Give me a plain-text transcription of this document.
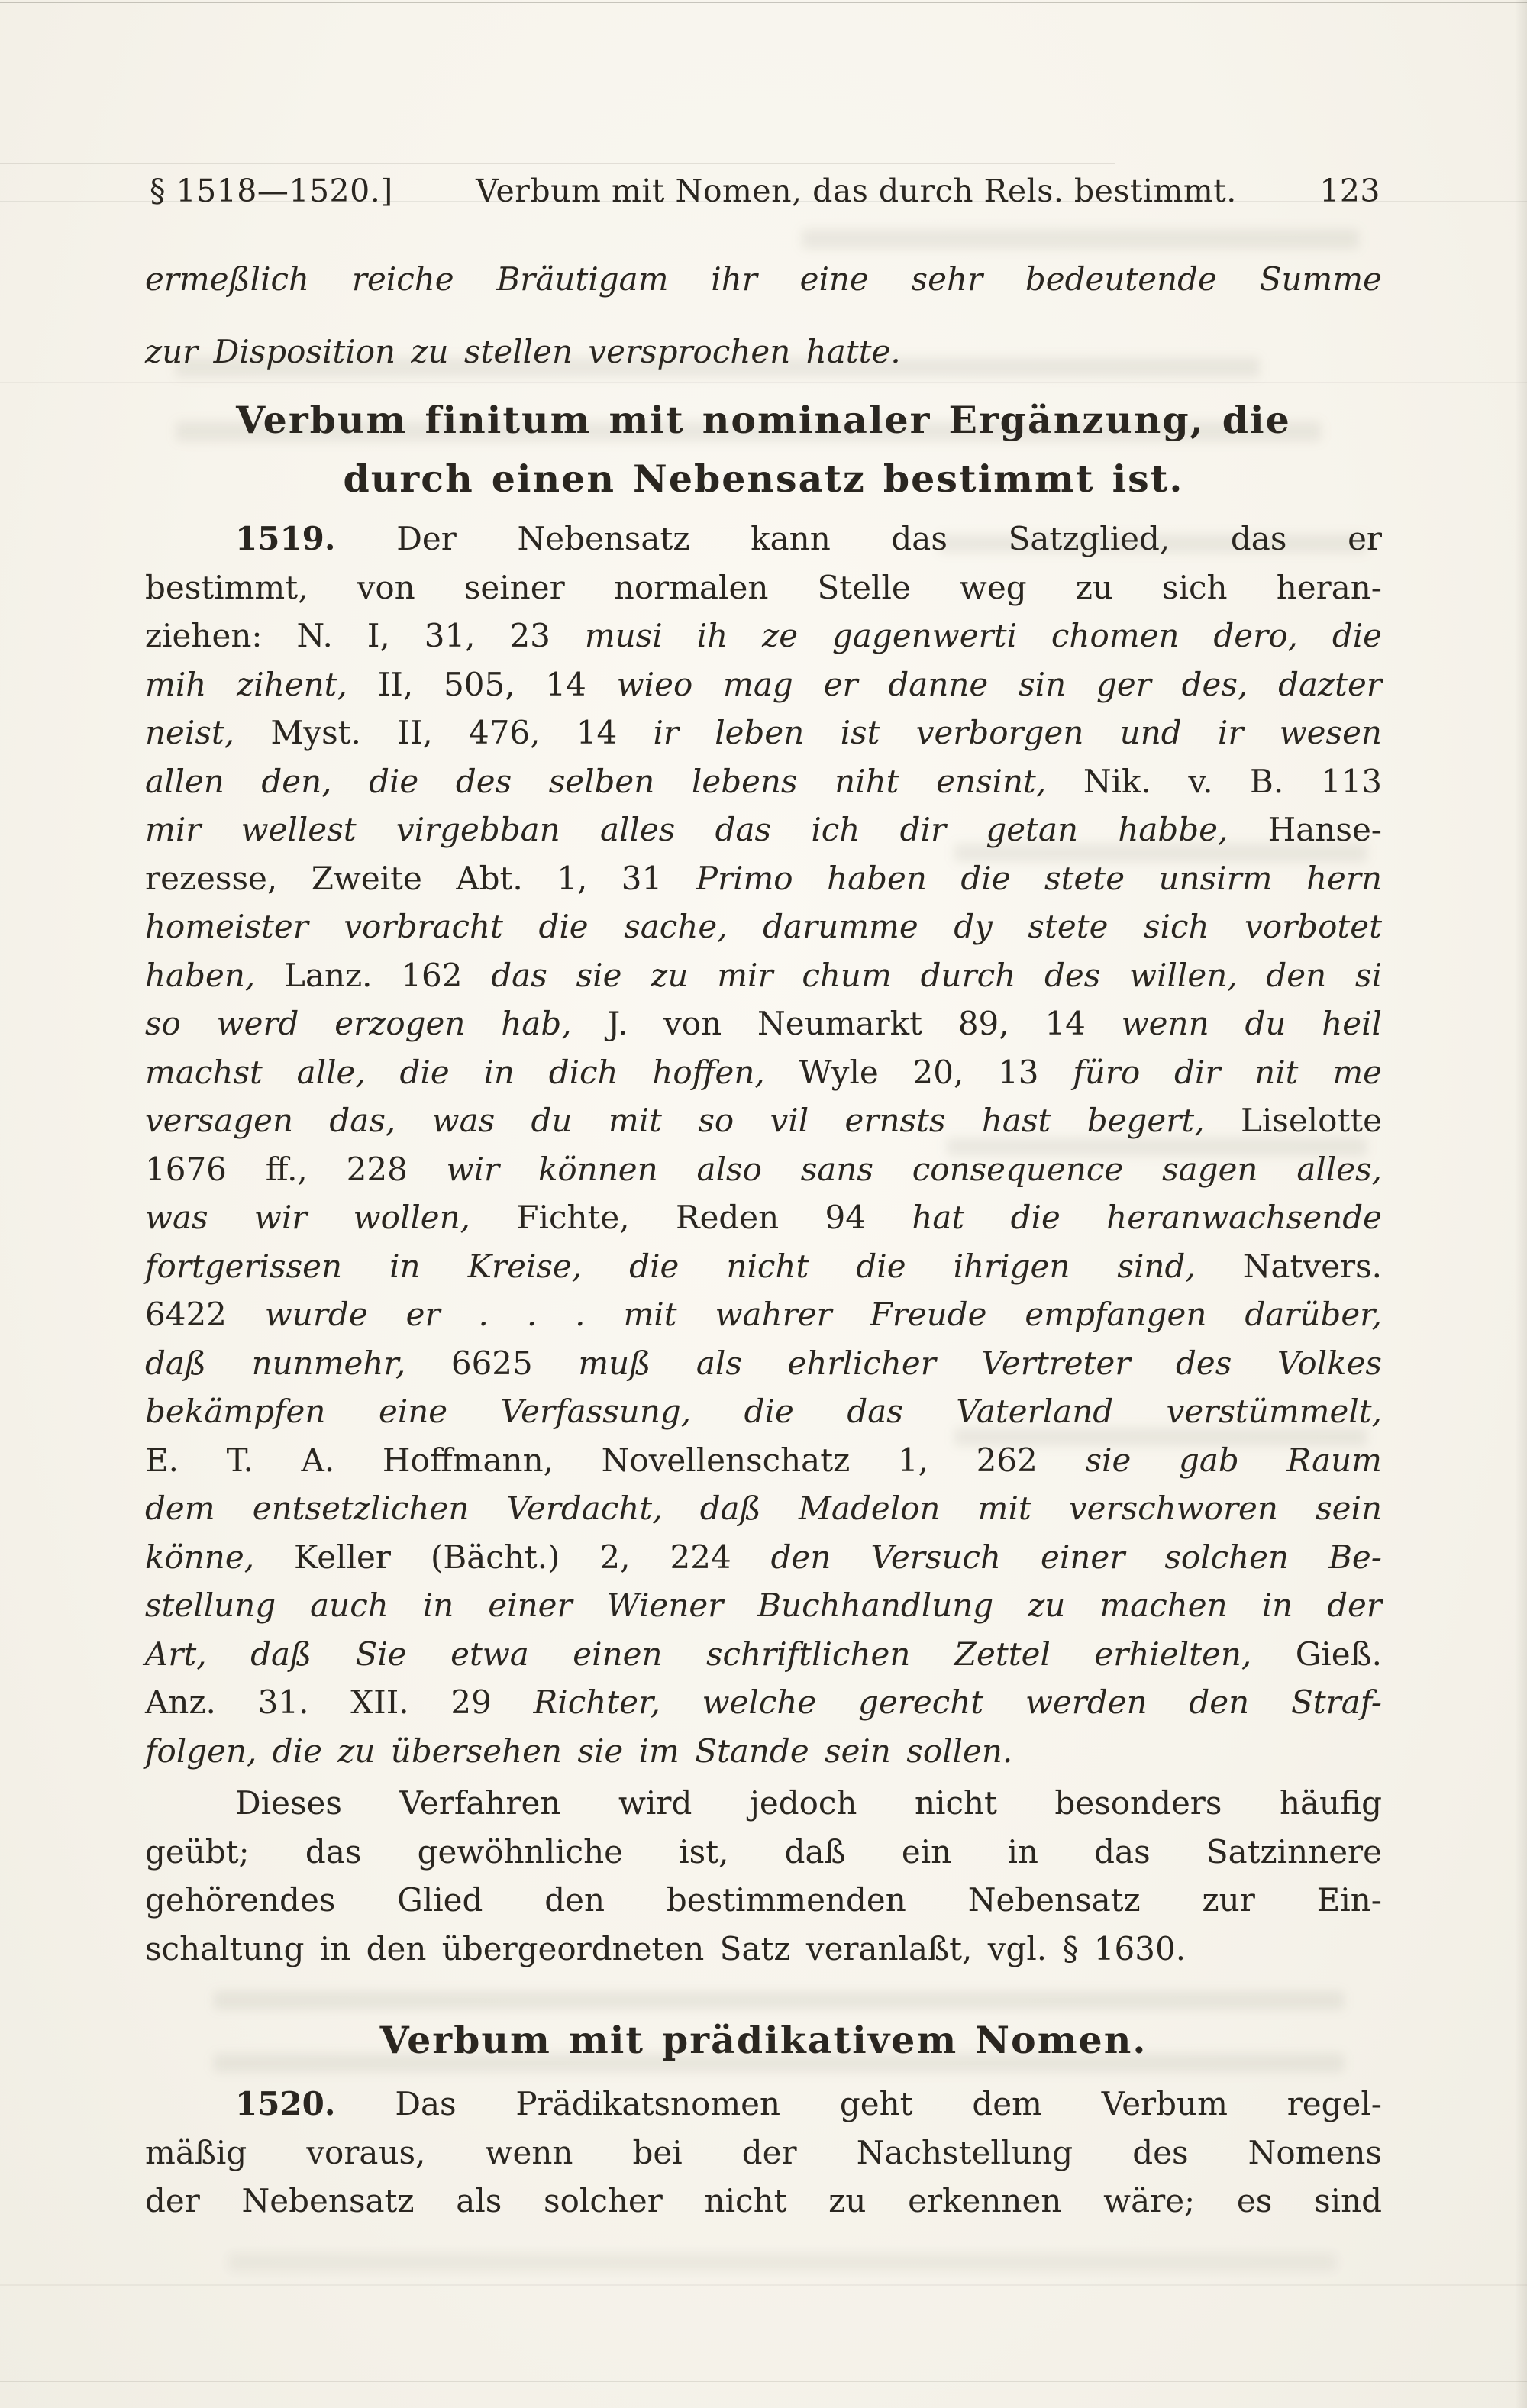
§ 1518—1520.]	Verbum mit Nomen, das durch Rels. bestimmt.	123
ermeßlich reiche Bräutigam ihr eine sehr bedeutende Summe
zur Disposition zu stellen versprochen hatte.
Verbum finitum mit nominaler Ergänzung, die
durch einen Nebensatz bestimmt ist.
1519. Der Nebensatz kann das Satzglied, das er
bestimmt, von seiner normalen Stelle weg zu sich heran-
ziehen: N. I, 31, 23 musi ih ze gagenwerti chomen dero, die
mih zihent, II, 505, 14 wieo mag er danne sin ger des, dazter
neist, Myst. II, 476, 14 ir leben ist verborgen und ir wesen
allen den, die des selben lebens niht ensint, Nik. v. B. 113
mir wellest virgebban alles das ich dir getan habbe, Hanse-
rezesse, Zweite Abt. 1, 31 Primo haben die stete unsirm hern
homeister vorbracht die sache, darumme dy stete sich vorbotet
haben, Lanz. 162 das sie zu mir chum durch des willen, den si
so werd erzogen hab, J. von Neumarkt 89, 14 wenn du heil
machst alle, die in dich hoffen, Wyle 20, 13 füro dir nit me
versagen das, was du mit so vil ernsts hast begert, Liselotte
1676 ff., 228 wir können also sans consequence sagen alles,
was wir wollen, Fichte, Reden 94 hat die heranwachsende
fortgerissen in Kreise, die nicht die ihrigen sind, Natvers.
6422 wurde er . . . mit wahrer Freude empfangen darüber,
daß nunmehr, 6625 muß als ehrlicher Vertreter des Volkes
bekämpfen eine Verfassung, die das Vaterland verstümmelt,
E. T. A. Hoffmann, Novellenschatz 1, 262 sie gab Raum
dem entsetzlichen Verdacht, daß Madelon mit verschworen sein
könne, Keller (Bächt.) 2, 224 den Versuch einer solchen Be-
stellung auch in einer Wiener Buchhandlung zu machen in der
Art, daß Sie etwa einen schriftlichen Zettel erhielten, Gieß.
Anz. 31. XII. 29 Richter, welche gerecht werden den Straf-
folgen, die zu übersehen sie im Stande sein sollen.
Dieses Verfahren wird jedoch nicht besonders häufig
geübt; das gewöhnliche ist, daß ein in das Satzinnere
gehörendes Glied den bestimmenden Nebensatz zur Ein-
schaltung in den übergeordneten Satz veranlaßt, vgl. § 1630.
Verbum mit prädikativem Nomen.
1520. Das Prädikatsnomen geht dem Verbum regel-
mäßig voraus, wenn bei der Nachstellung des Nomens
der Nebensatz als solcher nicht zu erkennen wäre; es sind
